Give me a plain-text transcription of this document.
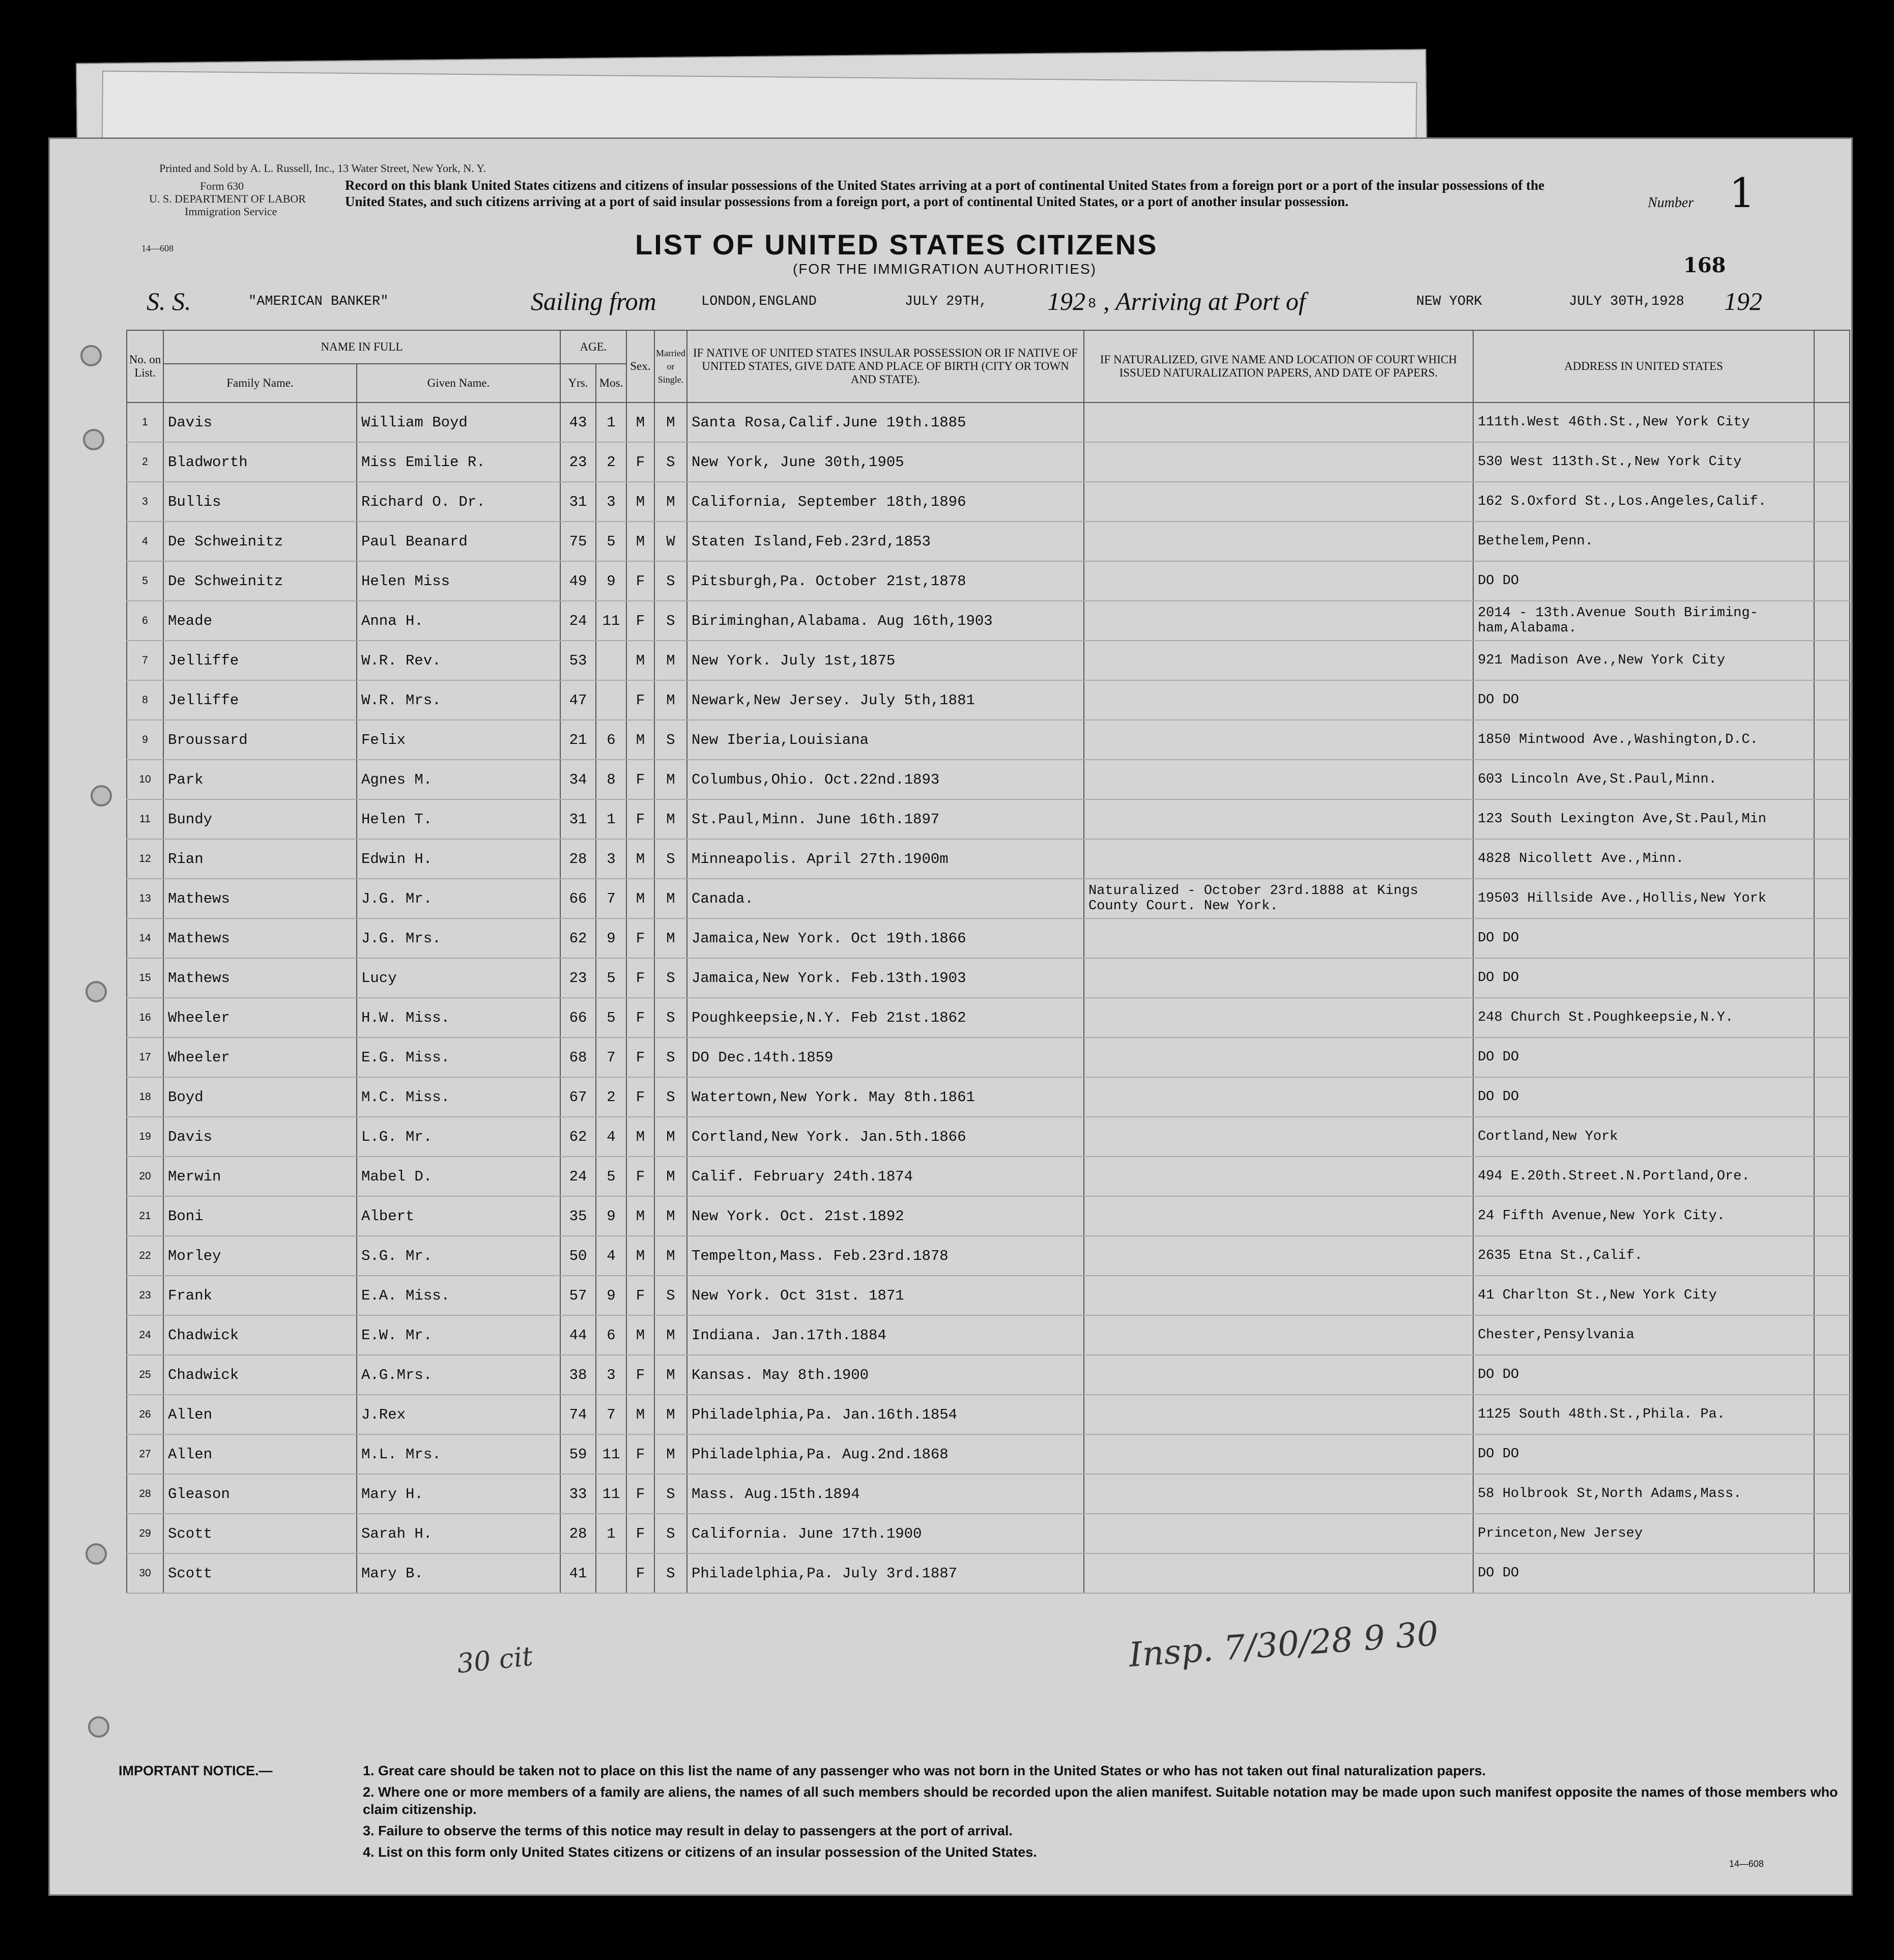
Printed and Sold by A. L. Russell, Inc., 13 Water Street, New York, N. Y.
Form 630
U. S. DEPARTMENT OF LABOR
Immigration Service
14—608
Record on this blank United States citizens and citizens of insular possessions of the United States arriving at a port of continental United States from a foreign port or a port of the insular possessions of the United States, and such citizens arriving at a port of said insular possessions from a foreign port, a port of continental United States, or a port of another insular possession.	Number 1
LIST OF UNITED STATES CITIZENS
(FOR THE IMMIGRATION AUTHORITIES)	168
S. S.	"AMERICAN BANKER"	Sailing from	LONDON,ENGLAND	JULY 29TH, 192 8 , Arriving at Port of	NEW YORK	JULY 30TH,1928 192
No. on List.	NAME IN FULL		AGE.		Sex.	Married or Single.	IF NATIVE OF UNITED STATES INSULAR POSSESSION OR IF NATIVE OF UNITED STATES, GIVE DATE AND PLACE OF BIRTH (CITY OR TOWN AND STATE).	IF NATURALIZED, GIVE NAME AND LOCATION OF COURT WHICH ISSUED NATURALIZATION PAPERS, AND DATE OF PAPERS.	ADDRESS IN UNITED STATES	
	Family Name.	Given Name.	Yrs.	Mos.						
1	Davis	William Boyd	43	1	M	M	Santa Rosa,Calif.June 19th.1885		111th.West 46th.St.,New York City	
2	Bladworth	Miss Emilie R.	23	2	F	S	New York, June 30th,1905		530 West 113th.St.,New York City	
3	Bullis	Richard O. Dr.	31	3	M	M	California, September 18th,1896		162 S.Oxford St.,Los.Angeles,Calif.	
4	De Schweinitz	Paul Beanard	75	5	M	W	Staten Island,Feb.23rd,1853		Bethelem,Penn.	
5	De Schweinitz	Helen Miss	49	9	F	S	Pitsburgh,Pa. October 21st,1878		DO DO	
6	Meade	Anna H.	24	11	F	S	Biriminghan,Alabama. Aug 16th,1903		2014 - 13th.Avenue South Biriming-ham,Alabama.	
7	Jelliffe	W.R. Rev.	53		M	M	New York. July 1st,1875		921 Madison Ave.,New York City	
8	Jelliffe	W.R. Mrs.	47		F	M	Newark,New Jersey. July 5th,1881		DO DO	
9	Broussard	Felix	21	6	M	S	New Iberia,Louisiana		1850 Mintwood Ave.,Washington,D.C.	
10	Park	Agnes M.	34	8	F	M	Columbus,Ohio. Oct.22nd.1893		603 Lincoln Ave,St.Paul,Minn.	
11	Bundy	Helen T.	31	1	F	M	St.Paul,Minn. June 16th.1897		123 South Lexington Ave,St.Paul,Min	
12	Rian	Edwin H.	28	3	M	S	Minneapolis. April 27th.1900m		4828 Nicollett Ave.,Minn.	
13	Mathews	J.G. Mr.	66	7	M	M	Canada.	Naturalized - October 23rd.1888 at Kings County Court. New York.	19503 Hillside Ave.,Hollis,New York	
14	Mathews	J.G. Mrs.	62	9	F	M	Jamaica,New York. Oct 19th.1866		DO DO	
15	Mathews	Lucy	23	5	F	S	Jamaica,New York. Feb.13th.1903		DO DO	
16	Wheeler	H.W. Miss.	66	5	F	S	Poughkeepsie,N.Y. Feb 21st.1862		248 Church St.Poughkeepsie,N.Y.	
17	Wheeler	E.G. Miss.	68	7	F	S	DO Dec.14th.1859		DO DO	
18	Boyd	M.C. Miss.	67	2	F	S	Watertown,New York. May 8th.1861		DO DO	
19	Davis	L.G. Mr.	62	4	M	M	Cortland,New York. Jan.5th.1866		Cortland,New York	
20	Merwin	Mabel D.	24	5	F	M	Calif. February 24th.1874		494 E.20th.Street.N.Portland,Ore.	
21	Boni	Albert	35	9	M	M	New York. Oct. 21st.1892		24 Fifth Avenue,New York City.	
22	Morley	S.G. Mr.	50	4	M	M	Tempelton,Mass. Feb.23rd.1878		2635 Etna St.,Calif.	
23	Frank	E.A. Miss.	57	9	F	S	New York. Oct 31st. 1871		41 Charlton St.,New York City	
24	Chadwick	E.W. Mr.	44	6	M	M	Indiana. Jan.17th.1884		Chester,Pensylvania	
25	Chadwick	A.G.Mrs.	38	3	F	M	Kansas. May 8th.1900		DO DO	
26	Allen	J.Rex	74	7	M	M	Philadelphia,Pa. Jan.16th.1854		1125 South 48th.St.,Phila. Pa.	
27	Allen	M.L. Mrs.	59	11	F	M	Philadelphia,Pa. Aug.2nd.1868		DO DO	
28	Gleason	Mary H.	33	11	F	S	Mass. Aug.15th.1894		58 Holbrook St,North Adams,Mass.	
29	Scott	Sarah H.	28	1	F	S	California. June 17th.1900		Princeton,New Jersey	
30	Scott	Mary B.	41		F	S	Philadelphia,Pa. July 3rd.1887		DO DO	
30 cit	Insp. 7/30/28 9 30
IMPORTANT NOTICE.—	1. Great care should be taken not to place on this list the name of any passenger who was not born in the United States or who has not taken out final naturalization papers.
2. Where one or more members of a family are aliens, the names of all such members should be recorded upon the alien manifest. Suitable notation may be made upon such manifest opposite the names of those members who claim citizenship.
3. Failure to observe the terms of this notice may result in delay to passengers at the port of arrival.
4. List on this form only United States citizens or citizens of an insular possession of the United States.
14—608
